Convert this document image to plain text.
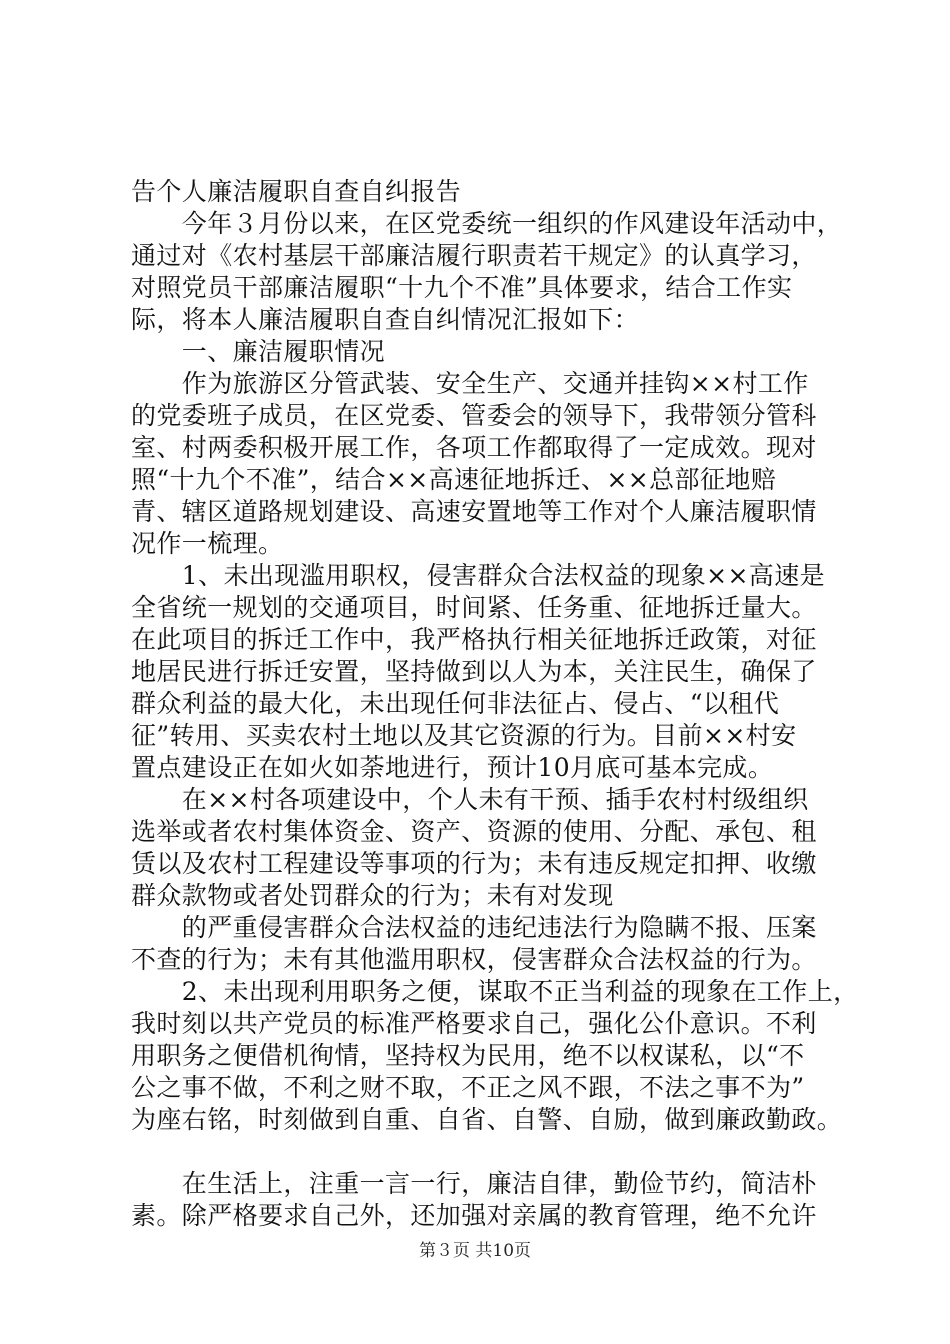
告个人廉洁履职自查自纠报告
　　今年３月份以来，在区党委统一组织的作风建设年活动中，
通过对《农村基层干部廉洁履行职责若干规定》的认真学习，
对照党员干部廉洁履职“十九个不准”具体要求，结合工作实
际，将本人廉洁履职自查自纠情况汇报如下：
　　一、廉洁履职情况
　　作为旅游区分管武装、安全生产、交通并挂钩××村工作
的党委班子成员，在区党委、管委会的领导下，我带领分管科
室、村两委积极开展工作，各项工作都取得了一定成效。现对
照“十九个不准”，结合××高速征地拆迁、××总部征地赔
青、辖区道路规划建设、高速安置地等工作对个人廉洁履职情
况作一梳理。
　　1、未出现滥用职权，侵害群众合法权益的现象××高速是
全省统一规划的交通项目，时间紧、任务重、征地拆迁量大。
在此项目的拆迁工作中，我严格执行相关征地拆迁政策，对征
地居民进行拆迁安置，坚持做到以人为本，关注民生，确保了
群众利益的最大化，未出现任何非法征占、侵占、“以租代
征”转用、买卖农村土地以及其它资源的行为。目前××村安
置点建设正在如火如荼地进行，预计10月底可基本完成。
　　在××村各项建设中，个人未有干预、插手农村村级组织
选举或者农村集体资金、资产、资源的使用、分配、承包、租
赁以及农村工程建设等事项的行为；未有违反规定扣押、收缴
群众款物或者处罚群众的行为；未有对发现
　　的严重侵害群众合法权益的违纪违法行为隐瞒不报、压案
不查的行为；未有其他滥用职权，侵害群众合法权益的行为。
　　2、未出现利用职务之便，谋取不正当利益的现象在工作上，
我时刻以共产党员的标准严格要求自己，强化公仆意识。不利
用职务之便借机徇情，坚持权为民用，绝不以权谋私，以“不
公之事不做，不利之财不取，不正之风不跟，不法之事不为”
为座右铭，时刻做到自重、自省、自警、自励，做到廉政勤政。
　　在生活上，注重一言一行，廉洁自律，勤俭节约，简洁朴
素。除严格要求自己外，还加强对亲属的教育管理，绝不允许
第３页 共10页
